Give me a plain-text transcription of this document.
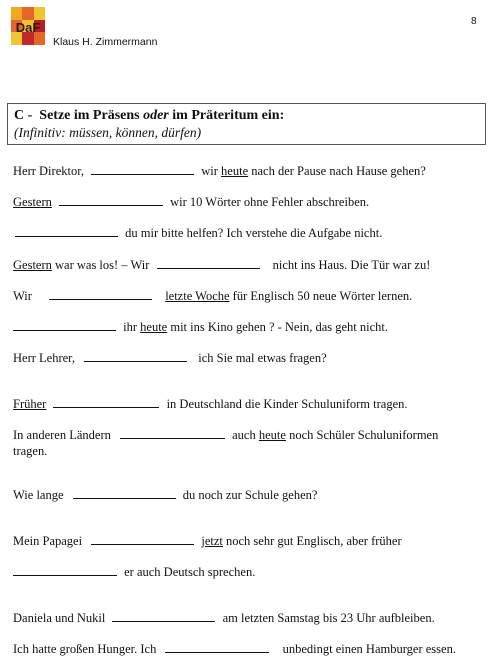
DaF
Klaus H. Zimmermann
8
C - Setze im Präsens oder im Präteritum ein:
(Infinitiv: müssen, können, dürfen)
Herr Direktor,	wir heute nach der Pause nach Hause gehen?
Gestern	wir 10 Wörter ohne Fehler abschreiben.
du mir bitte helfen? Ich verstehe die Aufgabe nicht.
Gestern war was los! – Wir	nicht ins Haus. Die Tür war zu!
Wir	letzte Woche für Englisch 50 neue Wörter lernen.
ihr heute mit ins Kino gehen ? - Nein, das geht nicht.
Herr Lehrer,	ich Sie mal etwas fragen?
Früher	in Deutschland die Kinder Schuluniform tragen.
In anderen Ländern	auch heute noch Schüler Schuluniformen
tragen.
Wie lange	du noch zur Schule gehen?
Mein Papagei	jetzt noch sehr gut Englisch, aber früher
er auch Deutsch sprechen.
Daniela und Nukil	am letzten Samstag bis 23 Uhr aufbleiben.
Ich hatte großen Hunger. Ich	unbedingt einen Hamburger essen.
